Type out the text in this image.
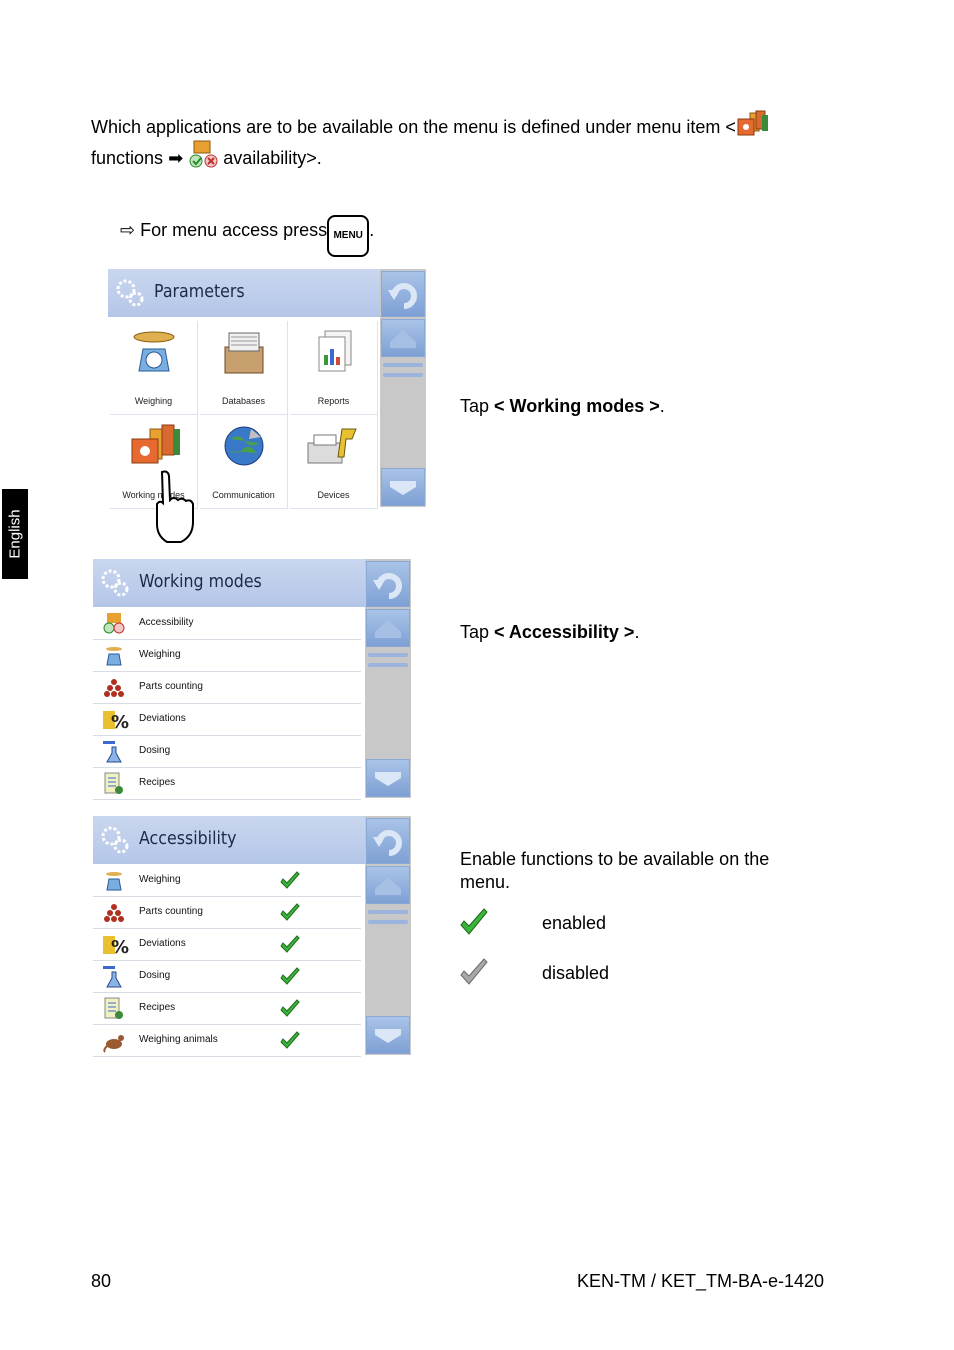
Which applications are to be available on the menu is defined under menu item <
functions ➡ availability>.
⇨ For menu access press MENU .
English
Parameters
Weighing	Databases	Reports
Working modes	Communication	Devices
Tap < Working modes >.
Working modes
Accessibility
Weighing
Parts counting
% Deviations
Dosing
Recipes
Tap < Accessibility >.
Accessibility
Weighing
Parts counting
% Deviations
Dosing
Recipes
Weighing animals
Enable functions to be available on the
menu.
enabled
disabled
80	KEN-TM / KET_TM-BA-e-1420
